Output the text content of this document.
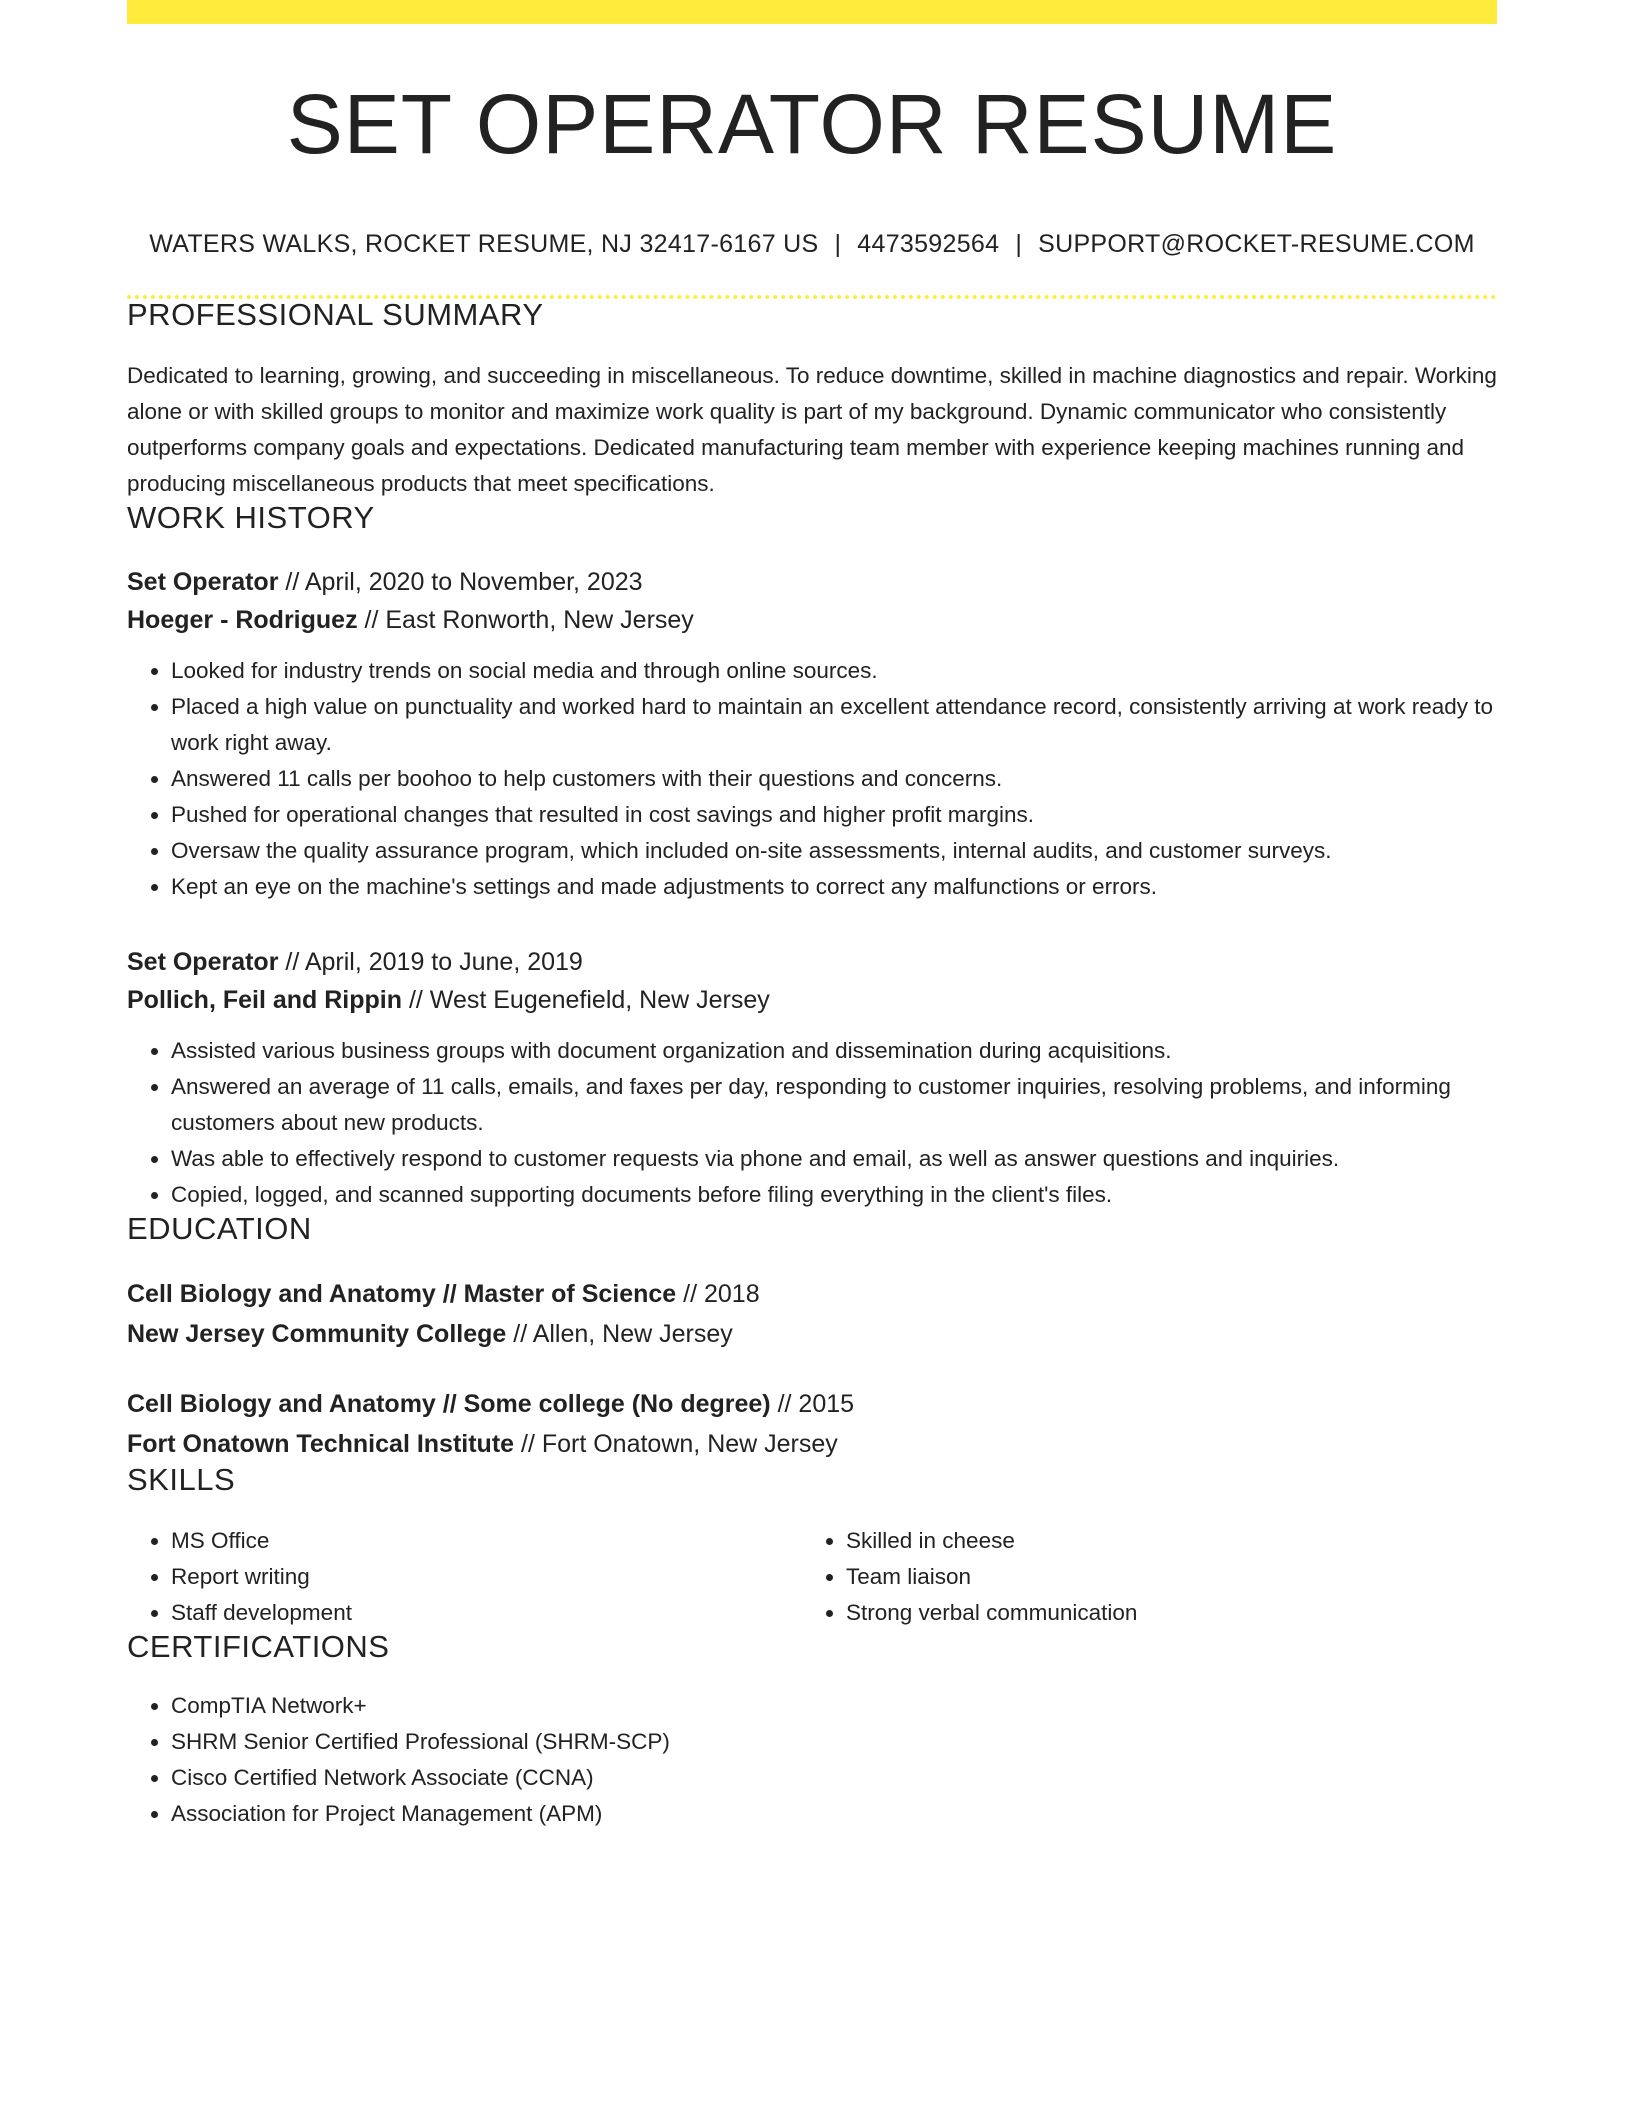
SET OPERATOR RESUME
WATERS WALKS, ROCKET RESUME, NJ 32417-6167 US | 4473592564 | SUPPORT@ROCKET-RESUME.COM
PROFESSIONAL SUMMARY
Dedicated to learning, growing, and succeeding in miscellaneous. To reduce downtime, skilled in machine diagnostics and repair. Working alone or with skilled groups to monitor and maximize work quality is part of my background. Dynamic communicator who consistently outperforms company goals and expectations. Dedicated manufacturing team member with experience keeping machines running and producing miscellaneous products that meet specifications.
WORK HISTORY
Set Operator // April, 2020 to November, 2023
Hoeger - Rodriguez // East Ronworth, New Jersey
• Looked for industry trends on social media and through online sources.
• Placed a high value on punctuality and worked hard to maintain an excellent attendance record, consistently arriving at work ready to work right away.
• Answered 11 calls per boohoo to help customers with their questions and concerns.
• Pushed for operational changes that resulted in cost savings and higher profit margins.
• Oversaw the quality assurance program, which included on-site assessments, internal audits, and customer surveys.
• Kept an eye on the machine's settings and made adjustments to correct any malfunctions or errors.
Set Operator // April, 2019 to June, 2019
Pollich, Feil and Rippin // West Eugenefield, New Jersey
• Assisted various business groups with document organization and dissemination during acquisitions.
• Answered an average of 11 calls, emails, and faxes per day, responding to customer inquiries, resolving problems, and informing customers about new products.
• Was able to effectively respond to customer requests via phone and email, as well as answer questions and inquiries.
• Copied, logged, and scanned supporting documents before filing everything in the client's files.
EDUCATION
Cell Biology and Anatomy // Master of Science // 2018
New Jersey Community College // Allen, New Jersey
Cell Biology and Anatomy // Some college (No degree) // 2015
Fort Onatown Technical Institute // Fort Onatown, New Jersey
SKILLS
• MS Office
• Report writing
• Staff development
• Skilled in cheese
• Team liaison
• Strong verbal communication
CERTIFICATIONS
• CompTIA Network+
• SHRM Senior Certified Professional (SHRM-SCP)
• Cisco Certified Network Associate (CCNA)
• Association for Project Management (APM)
